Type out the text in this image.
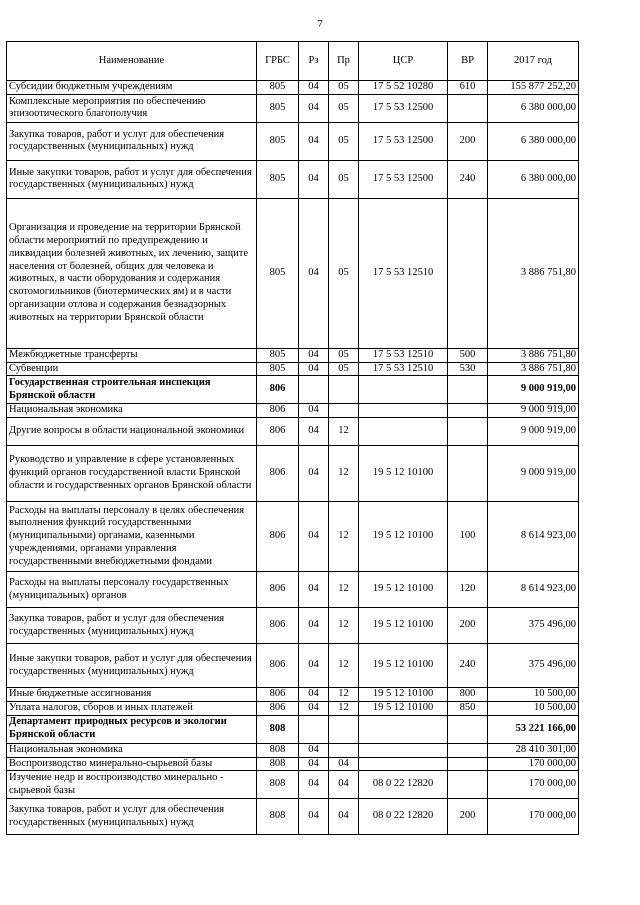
7
Наименование	ГРБС	Рз	Пр	ЦСР	ВР	2017 год
Субсидии бюджетным учреждениям	805	04	05	17 5 52 10280	610	155 877 252,20
Комплексные мероприятия по обеспечению эпизоотического благополучия	805	04	05	17 5 53 12500		6 380 000,00
Закупка товаров, работ и услуг для обеспечения государственных (муниципальных) нужд	805	04	05	17 5 53 12500	200	6 380 000,00
Иные закупки товаров, работ и услуг для обеспечения государственных (муниципальных) нужд	805	04	05	17 5 53 12500	240	6 380 000,00
Организация и проведение на территории Брянской области мероприятий по предупреждению и ликвидации болезней животных, их лечению, защите населения от болезней, общих для человека и животных, в части оборудования и содержания скотомогильников (биотермических ям) и в части организации отлова и содержания безнадзорных животных на территории Брянской области	805	04	05	17 5 53 12510		3 886 751,80
Межбюджетные трансферты	805	04	05	17 5 53 12510	500	3 886 751,80
Субвенции	805	04	05	17 5 53 12510	530	3 886 751,80
Государственная строительная инспекция Брянской области	806					9 000 919,00
Национальная экономика	806	04				9 000 919,00
Другие вопросы в области национальной экономики	806	04	12			9 000 919,00
Руководство и управление в сфере установленных функций органов государственной власти Брянской области и государственных органов Брянской области	806	04	12	19 5 12 10100		9 000 919,00
Расходы на выплаты персоналу в целях обеспечения выполнения функций государственными (муниципальными) органами, казенными учреждениями, органами управления государственными внебюджетными фондами	806	04	12	19 5 12 10100	100	8 614 923,00
Расходы на выплаты персоналу государственных (муниципальных) органов	806	04	12	19 5 12 10100	120	8 614 923,00
Закупка товаров, работ и услуг для обеспечения государственных (муниципальных) нужд	806	04	12	19 5 12 10100	200	375 496,00
Иные закупки товаров, работ и услуг для обеспечения государственных (муниципальных) нужд	806	04	12	19 5 12 10100	240	375 496,00
Иные бюджетные ассигнования	806	04	12	19 5 12 10100	800	10 500,00
Уплата налогов, сборов и иных платежей	806	04	12	19 5 12 10100	850	10 500,00
Департамент природных ресурсов и экологии Брянской области	808					53 221 166,00
Национальная экономика	808	04				28 410 301,00
Воспроизводство минерально-сырьевой базы	808	04	04			170 000,00
Изучение недр и воспроизводство минерально - сырьевой базы	808	04	04	08 0 22 12820		170 000,00
Закупка товаров, работ и услуг для обеспечения государственных (муниципальных) нужд	808	04	04	08 0 22 12820	200	170 000,00
